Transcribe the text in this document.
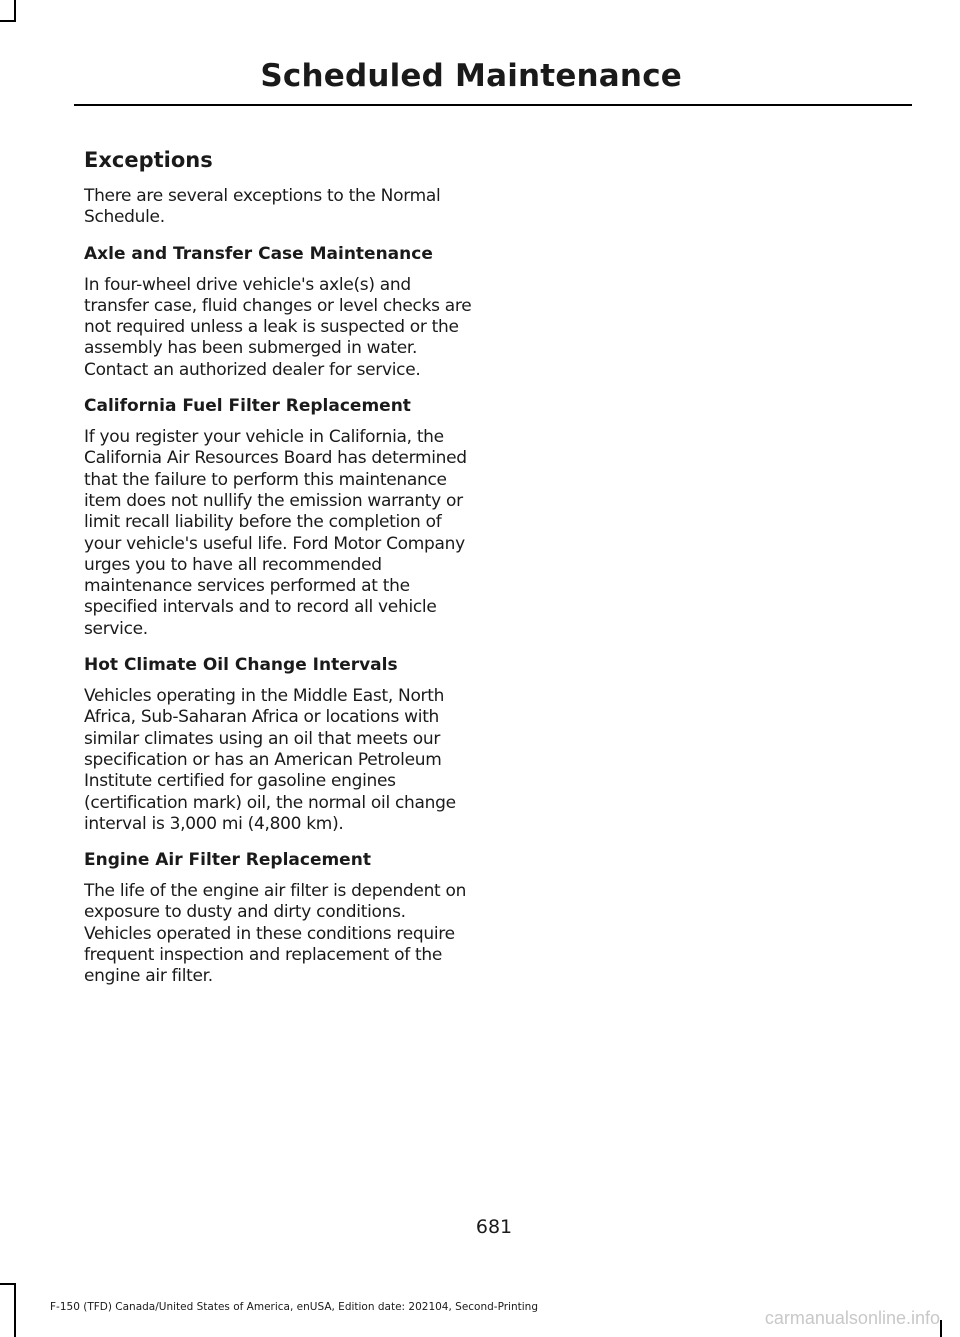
Scheduled Maintenance
Exceptions

There are several exceptions to the Normal Schedule.

Axle and Transfer Case Maintenance

In four-wheel drive vehicle's axle(s) and transfer case, fluid changes or level checks are not required unless a leak is suspected or the assembly has been submerged in water. Contact an authorized dealer for service.

California Fuel Filter Replacement

If you register your vehicle in California, the California Air Resources Board has determined that the failure to perform this maintenance item does not nullify the emission warranty or limit recall liability before the completion of your vehicle's useful life. Ford Motor Company urges you to have all recommended maintenance services performed at the specified intervals and to record all vehicle service.

Hot Climate Oil Change Intervals

Vehicles operating in the Middle East, North Africa, Sub-Saharan Africa or locations with similar climates using an oil that meets our specification or has an American Petroleum Institute certified for gasoline engines (certification mark) oil, the normal oil change interval is 3,000 mi (4,800 km).

Engine Air Filter Replacement

The life of the engine air filter is dependent on exposure to dusty and dirty conditions. Vehicles operated in these conditions require frequent inspection and replacement of the engine air filter.

681
F-150 (TFD) Canada/United States of America, enUSA, Edition date: 202104, Second-Printing
carmanualsonline.info
